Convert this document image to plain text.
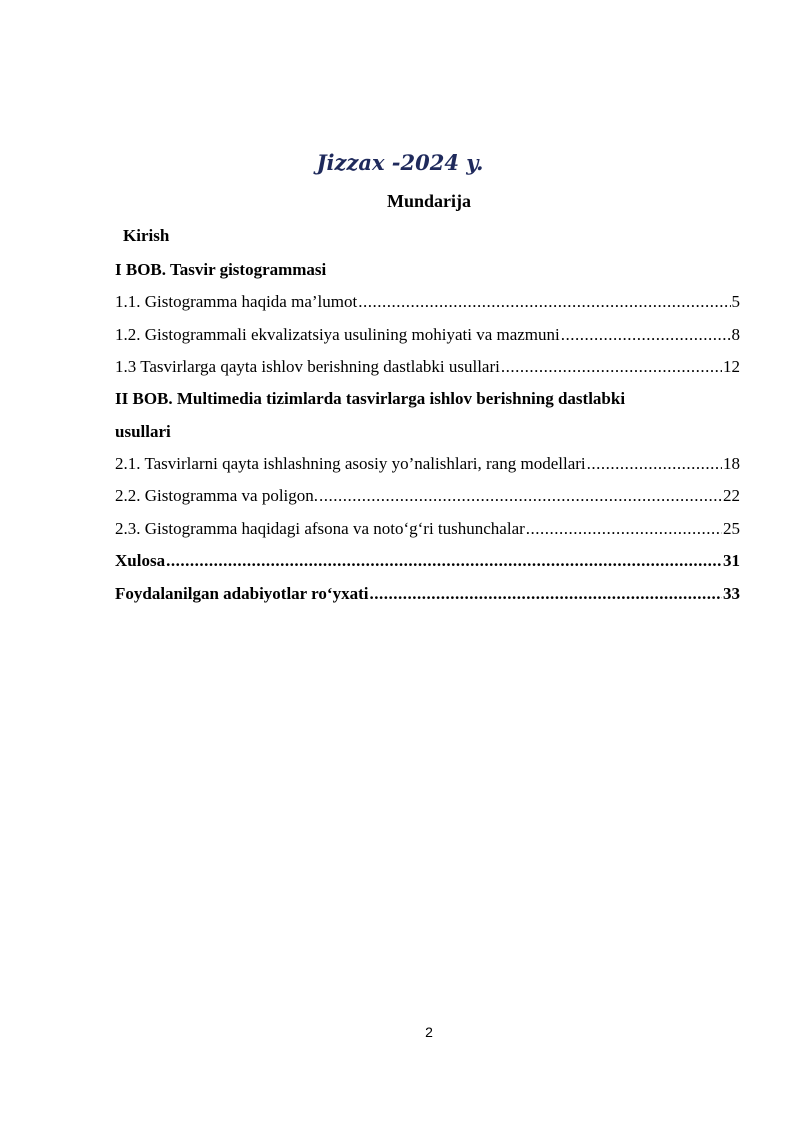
Jizzax -2024 y.
Mundarija
Kirish
I BOB. Tasvir gistogrammasi
1.1. Gistogramma haqida ma’lumot .....	5
1.2. Gistogrammali ekvalizatsiya usulining mohiyati va mazmuni .....	8
1.3 Tasvirlarga qayta ishlov berishning dastlabki usullari .....	12
II BOB. Multimedia tizimlarda tasvirlarga ishlov berishning dastlabki
usullari
2.1. Tasvirlarni qayta ishlashning asosiy yo’nalishlari, rang modellari .....	18
2.2. Gistogramma va poligon. .....	22
2.3. Gistogramma haqidagi afsona va noto‘g‘ri tushunchalar .....	25
Xulosa .....	31
Foydalanilgan adabiyotlar ro‘yxati .....	33
2
